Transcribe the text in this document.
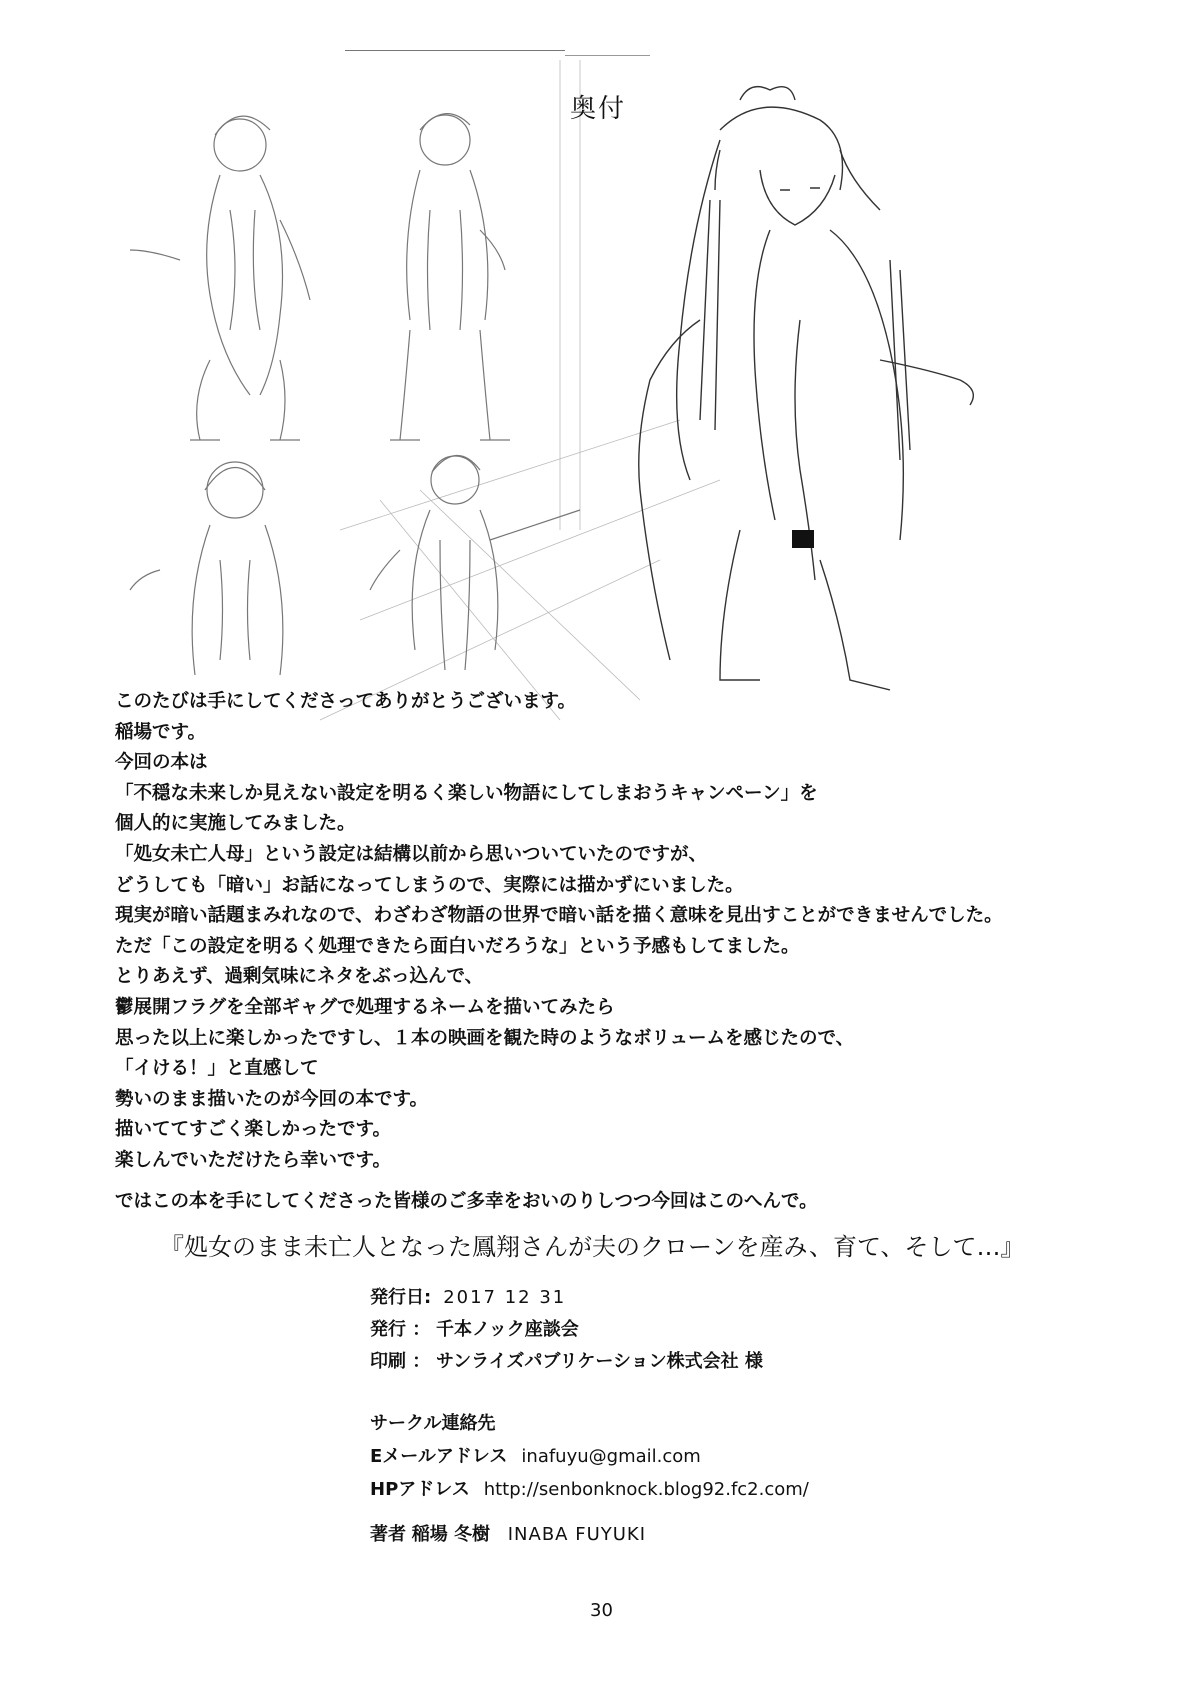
奥付

このたびは手にしてくださってありがとうございます。

稲場です。

今回の本は

「不穏な未来しか見えない設定を明るく楽しい物語にしてしまおうキャンペーン」を

個人的に実施してみました。

「処女未亡人母」という設定は結構以前から思いついていたのですが、

どうしても「暗い」お話になってしまうので、実際には描かずにいました。

現実が暗い話題まみれなので、わざわざ物語の世界で暗い話を描く意味を見出すことができませんでした。

ただ「この設定を明るく処理できたら面白いだろうな」という予感もしてました。

とりあえず、過剰気味にネタをぶっ込んで、

鬱展開フラグを全部ギャグで処理するネームを描いてみたら

思った以上に楽しかったですし、１本の映画を観た時のようなボリュームを感じたので、

「イける！」と直感して

勢いのまま描いたのが今回の本です。

描いててすごく楽しかったです。

楽しんでいただけたら幸いです。

ではこの本を手にしてくださった皆様のご多幸をおいのりしつつ今回はこのへんで。
『処女のまま未亡人となった鳳翔さんが夫のクローンを産み、育て、そして…』
発行日: 2017 12 31
発行 ： 千本ノック座談会
印刷 ： サンライズパブリケーション株式会社 様
サークル連絡先
Eメールアドレス inafuyu@gmail.com
HPアドレス http://senbonknock.blog92.fc2.com/
著者 稲場 冬樹 INABA FUYUKI
30
